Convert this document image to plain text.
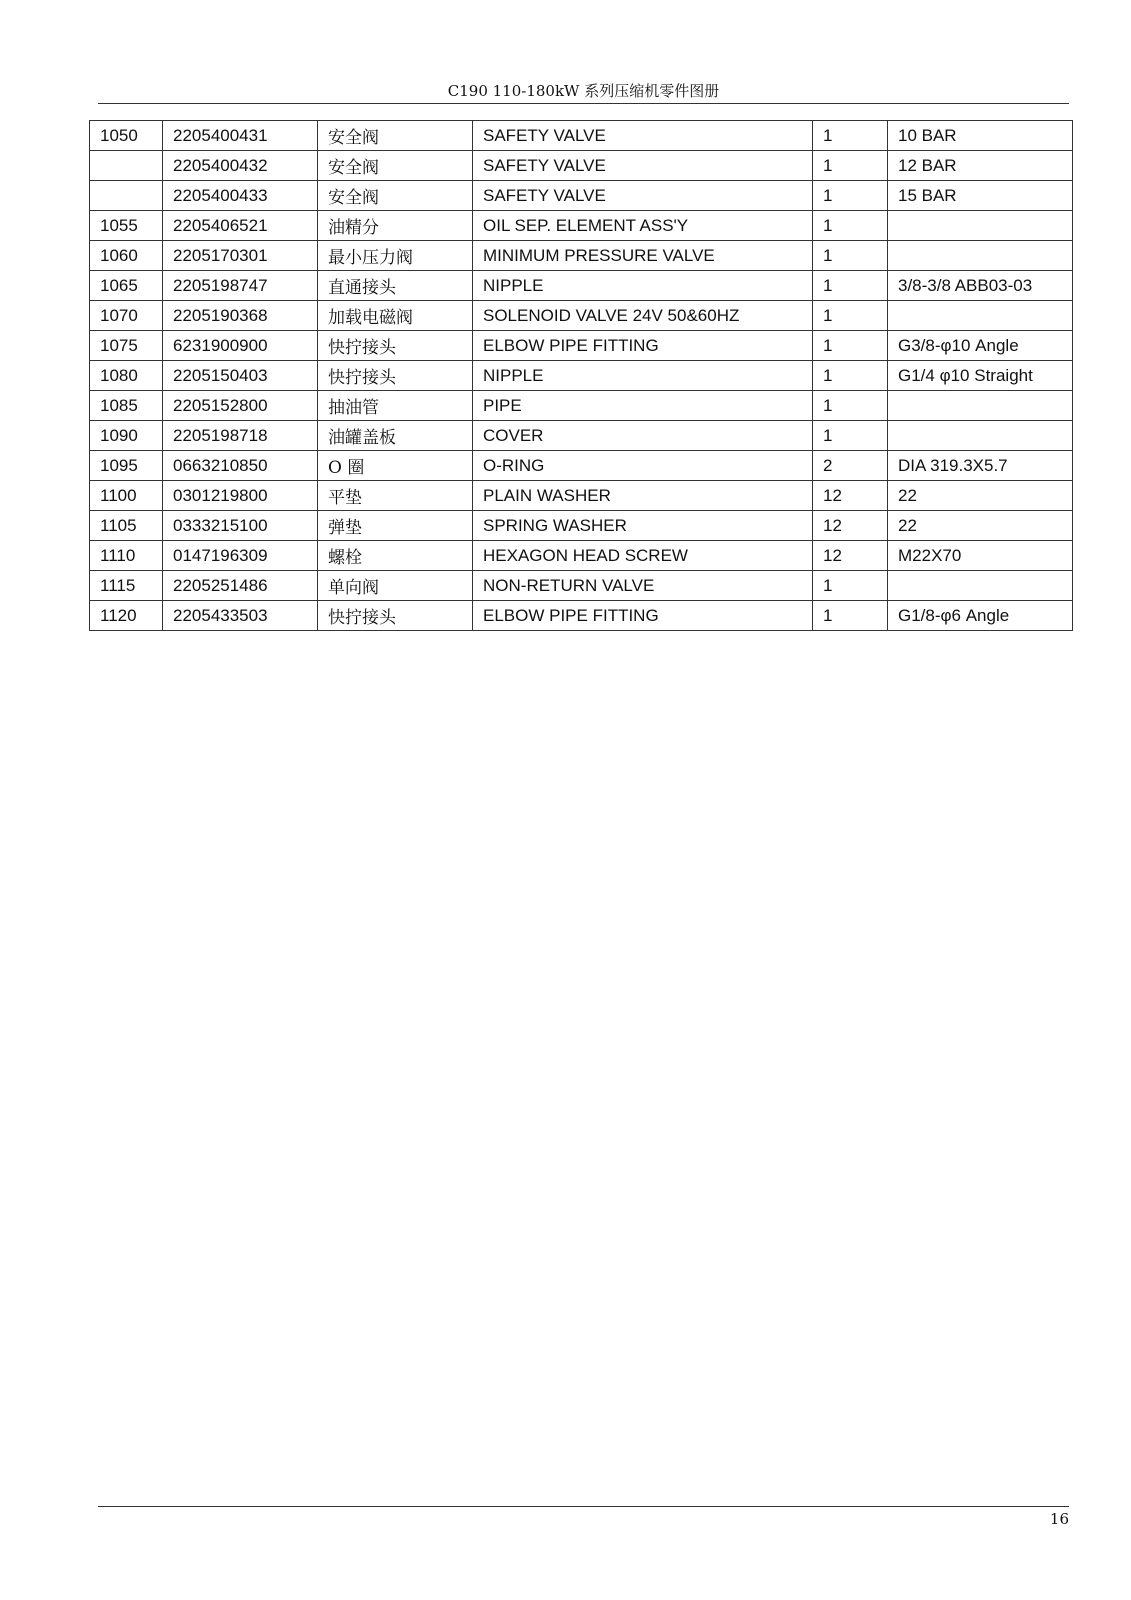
C190 110-180kW 系列压缩机零件图册
1050	2205400431	安全阀	SAFETY VALVE	1	10 BAR
	2205400432	安全阀	SAFETY VALVE	1	12 BAR
	2205400433	安全阀	SAFETY VALVE	1	15 BAR
1055	2205406521	油精分	OIL SEP. ELEMENT ASS'Y	1	
1060	2205170301	最小压力阀	MINIMUM PRESSURE VALVE	1	
1065	2205198747	直通接头	NIPPLE	1	3/8-3/8 ABB03-03
1070	2205190368	加载电磁阀	SOLENOID VALVE 24V 50&60HZ	1	
1075	6231900900	快拧接头	ELBOW PIPE FITTING	1	G3/8-φ10 Angle
1080	2205150403	快拧接头	NIPPLE	1	G1/4 φ10 Straight
1085	2205152800	抽油管	PIPE	1	
1090	2205198718	油罐盖板	COVER	1	
1095	0663210850	O 圈	O-RING	2	DIA 319.3X5.7
1100	0301219800	平垫	PLAIN WASHER	12	22
1105	0333215100	弹垫	SPRING WASHER	12	22
1110	0147196309	螺栓	HEXAGON HEAD SCREW	12	M22X70
1115	2205251486	单向阀	NON-RETURN VALVE	1	
1120	2205433503	快拧接头	ELBOW PIPE FITTING	1	G1/8-φ6 Angle
16
